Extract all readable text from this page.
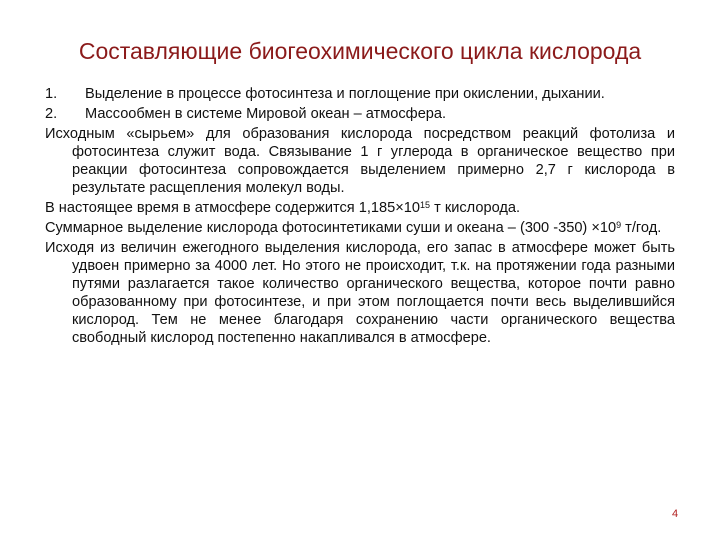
Составляющие биогеохимического цикла кислорода
1.	Выделение в процессе фотосинтеза и поглощение при окислении, дыхании.
2.	Массообмен в системе Мировой океан – атмосфера.
Исходным «сырьем» для образования кислорода посредством реакций фотолиза и фотосинтеза служит вода. Связывание 1 г углерода в органическое вещество при реакции фотосинтеза сопровождается выделением примерно 2,7 г кислорода в результате расщепления молекул воды.
В настоящее время в атмосфере содержится $1,185\times 10^{15}$ т кислорода.
Суммарное выделение кислорода фотосинтетиками суши и океана – (300 $-350) \times 10^9$ т/год.
Исходя из величин ежегодного выделения кислорода, его запас в атмосфере может быть удвоен примерно за 4000 лет. Но этого не происходит, т.к. на протяжении года разными путями разлагается такое количество органического вещества, которое почти равно образованному при фотосинтезе, и при этом поглощается почти весь выделившийся кислород. Тем не менее благодаря сохранению части органического вещества свободный кислород постепенно накапливался в атмосфере.
4
